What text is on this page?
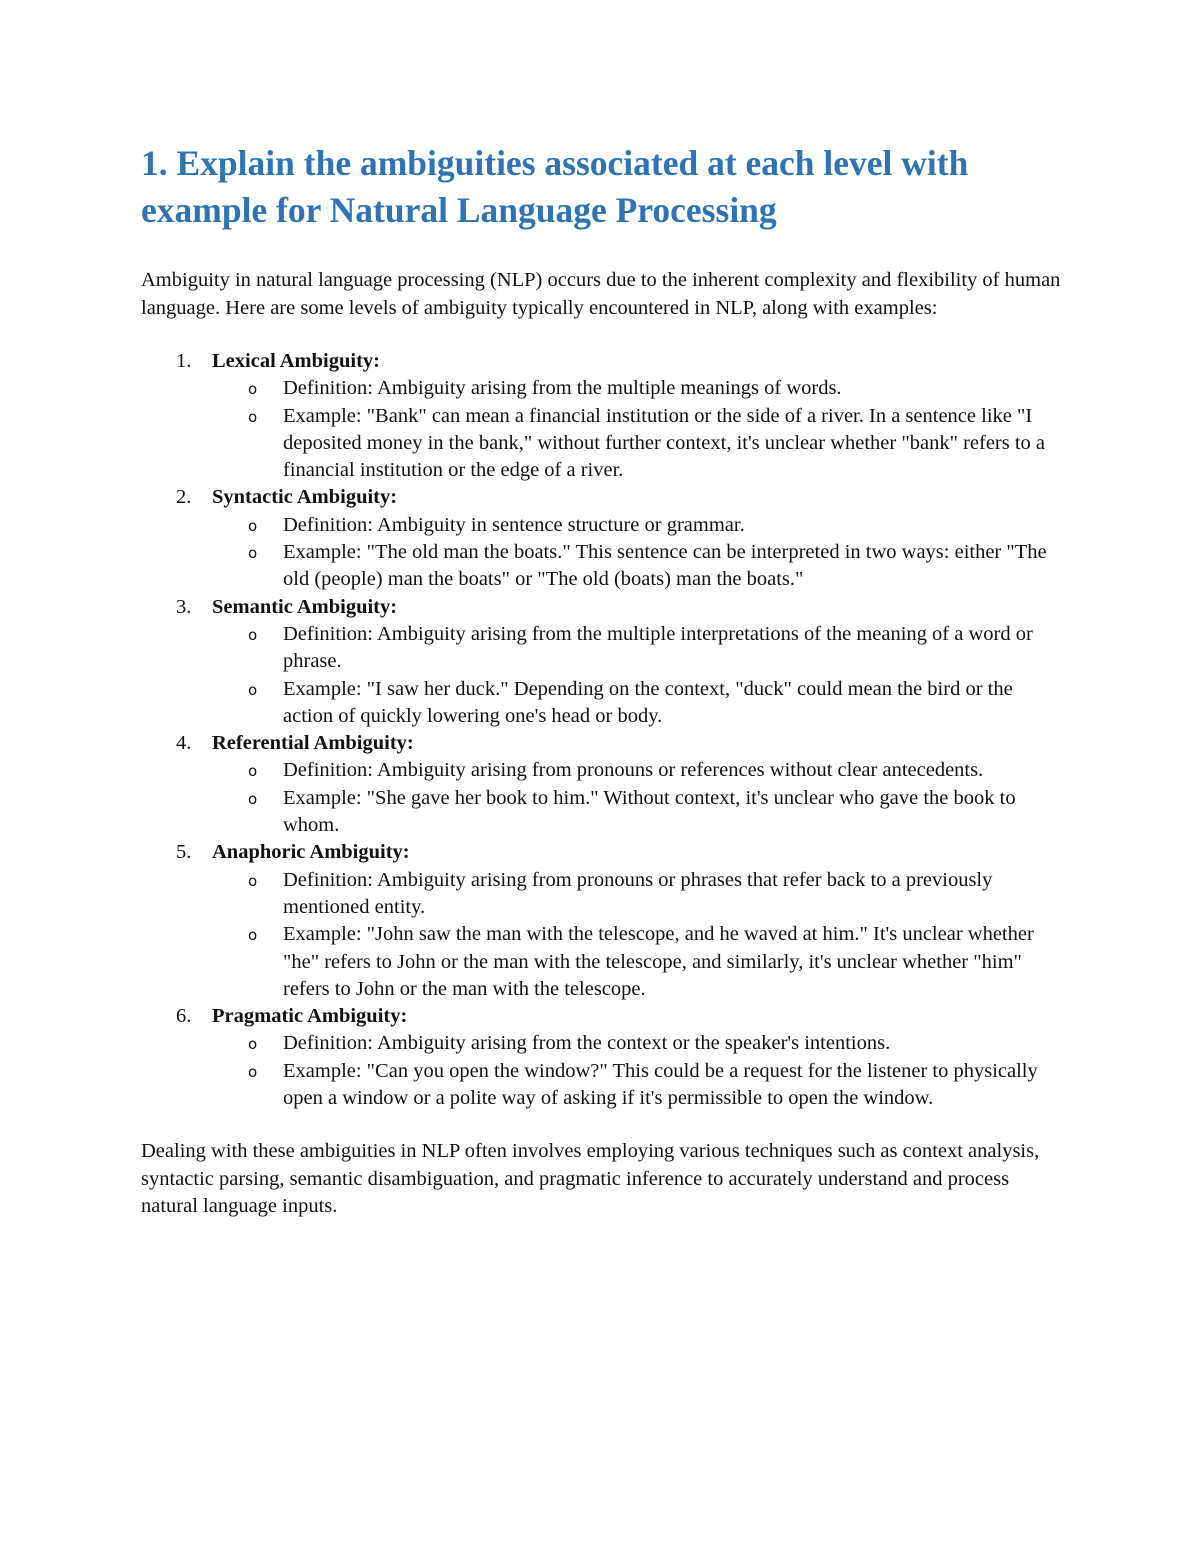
1. Explain the ambiguities associated at each level with example for Natural Language Processing

Ambiguity in natural language processing (NLP) occurs due to the inherent complexity and flexibility of human language. Here are some levels of ambiguity typically encountered in NLP, along with examples:

1. Lexical Ambiguity:
o Definition: Ambiguity arising from the multiple meanings of words.
o Example: "Bank" can mean a financial institution or the side of a river. In a sentence like "I deposited money in the bank," without further context, it's unclear whether "bank" refers to a financial institution or the edge of a river.
2. Syntactic Ambiguity:
o Definition: Ambiguity in sentence structure or grammar.
o Example: "The old man the boats." This sentence can be interpreted in two ways: either "The old (people) man the boats" or "The old (boats) man the boats."
3. Semantic Ambiguity:
o Definition: Ambiguity arising from the multiple interpretations of the meaning of a word or phrase.
o Example: "I saw her duck." Depending on the context, "duck" could mean the bird or the action of quickly lowering one's head or body.
4. Referential Ambiguity:
o Definition: Ambiguity arising from pronouns or references without clear antecedents.
o Example: "She gave her book to him." Without context, it's unclear who gave the book to whom.
5. Anaphoric Ambiguity:
o Definition: Ambiguity arising from pronouns or phrases that refer back to a previously mentioned entity.
o Example: "John saw the man with the telescope, and he waved at him." It's unclear whether "he" refers to John or the man with the telescope, and similarly, it's unclear whether "him" refers to John or the man with the telescope.
6. Pragmatic Ambiguity:
o Definition: Ambiguity arising from the context or the speaker's intentions.
o Example: "Can you open the window?" This could be a request for the listener to physically open a window or a polite way of asking if it's permissible to open the window.

Dealing with these ambiguities in NLP often involves employing various techniques such as context analysis, syntactic parsing, semantic disambiguation, and pragmatic inference to accurately understand and process natural language inputs.
